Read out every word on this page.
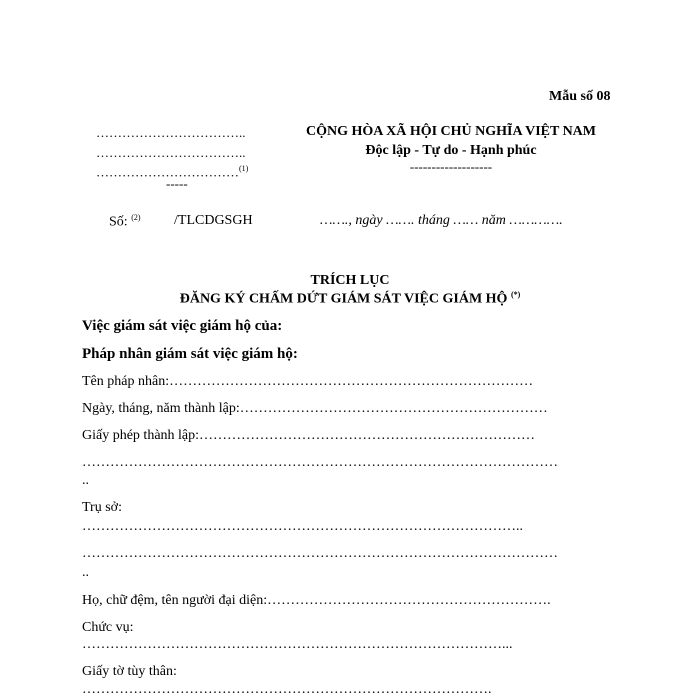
Mẫu số 08
……………………………..
……………………………..
……………………………$^{(1)}$
-----
CỘNG HÒA XÃ HỘI CHỦ NGHĨA VIỆT NAM
Độc lập - Tự do - Hạnh phúc
-------------------
Số: $^{(2)}$ /TLCDGSGH	……., ngày ……. tháng …… năm ………….
TRÍCH LỤC
ĐĂNG KÝ CHẤM DỨT GIÁM SÁT VIỆC GIÁM HỘ (*)
Việc giám sát việc giám hộ của:
Pháp nhân giám sát việc giám hộ:
Tên pháp nhân:……………………………………………………………………
Ngày, tháng, năm thành lập:…………………………………………………………
Giấy phép thành lập:………………………………………………………………
…………………………………………………………………………………………
..
Trụ sở:
…………………………………………………………………………………..
…………………………………………………………………………………………
..
Họ, chữ đệm, tên người đại diện:…………………………………………………….
Chức vụ:
………………………………………………………………………………...
Giấy tờ tùy thân:
…………………………………………………………………………….
